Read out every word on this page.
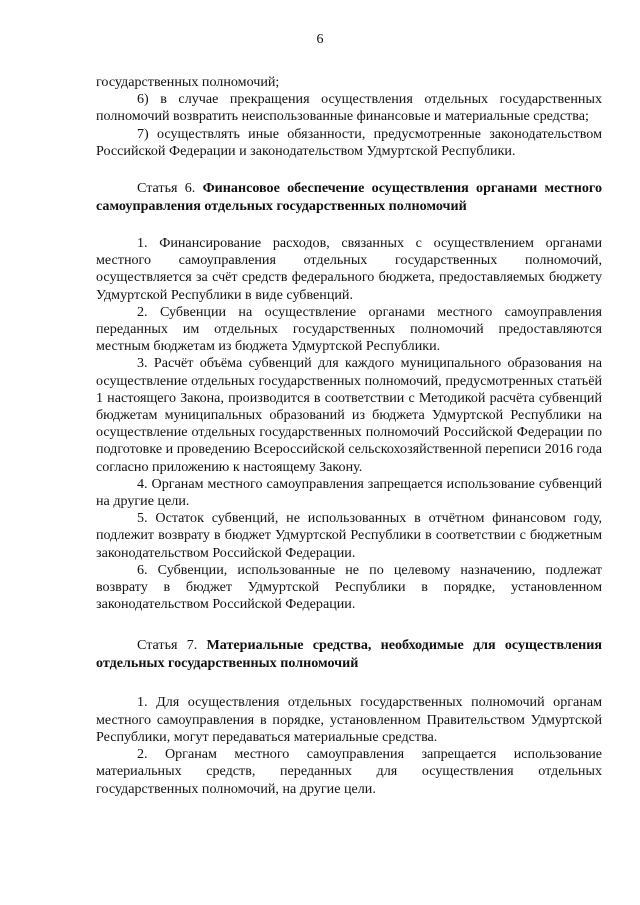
6

государственных полномочий;

6) в случае прекращения осуществления отдельных государственных полномочий возвратить неиспользованные финансовые и материальные средства;

7) осуществлять иные обязанности, предусмотренные законодательством Российской Федерации и законодательством Удмуртской Республики.

Статья 6. Финансовое обеспечение осуществления органами местного самоуправления отдельных государственных полномочий

1. Финансирование расходов, связанных с осуществлением органами местного самоуправления отдельных государственных полномочий, осуществляется за счёт средств федерального бюджета, предоставляемых бюджету Удмуртской Республики в виде субвенций.

2. Субвенции на осуществление органами местного самоуправления переданных им отдельных государственных полномочий предоставляются местным бюджетам из бюджета Удмуртской Республики.

3. Расчёт объёма субвенций для каждого муниципального образования на осуществление отдельных государственных полномочий, предусмотренных статьёй 1 настоящего Закона, производится в соответствии с Методикой расчёта субвенций бюджетам муниципальных образований из бюджета Удмуртской Республики на осуществление отдельных государственных полномочий Российской Федерации по подготовке и проведению Всероссийской сельскохозяйственной переписи 2016 года согласно приложению к настоящему Закону.

4. Органам местного самоуправления запрещается использование субвенций на другие цели.

5. Остаток субвенций, не использованных в отчётном финансовом году, подлежит возврату в бюджет Удмуртской Республики в соответствии с бюджетным законодательством Российской Федерации.

6. Субвенции, использованные не по целевому назначению, подлежат возврату в бюджет Удмуртской Республики в порядке, установленном законодательством Российской Федерации.

Статья 7. Материальные средства, необходимые для осуществления отдельных государственных полномочий

1. Для осуществления отдельных государственных полномочий органам местного самоуправления в порядке, установленном Правительством Удмуртской Республики, могут передаваться материальные средства.

2. Органам местного самоуправления запрещается использование материальных средств, переданных для осуществления отдельных государственных полномочий, на другие цели.
